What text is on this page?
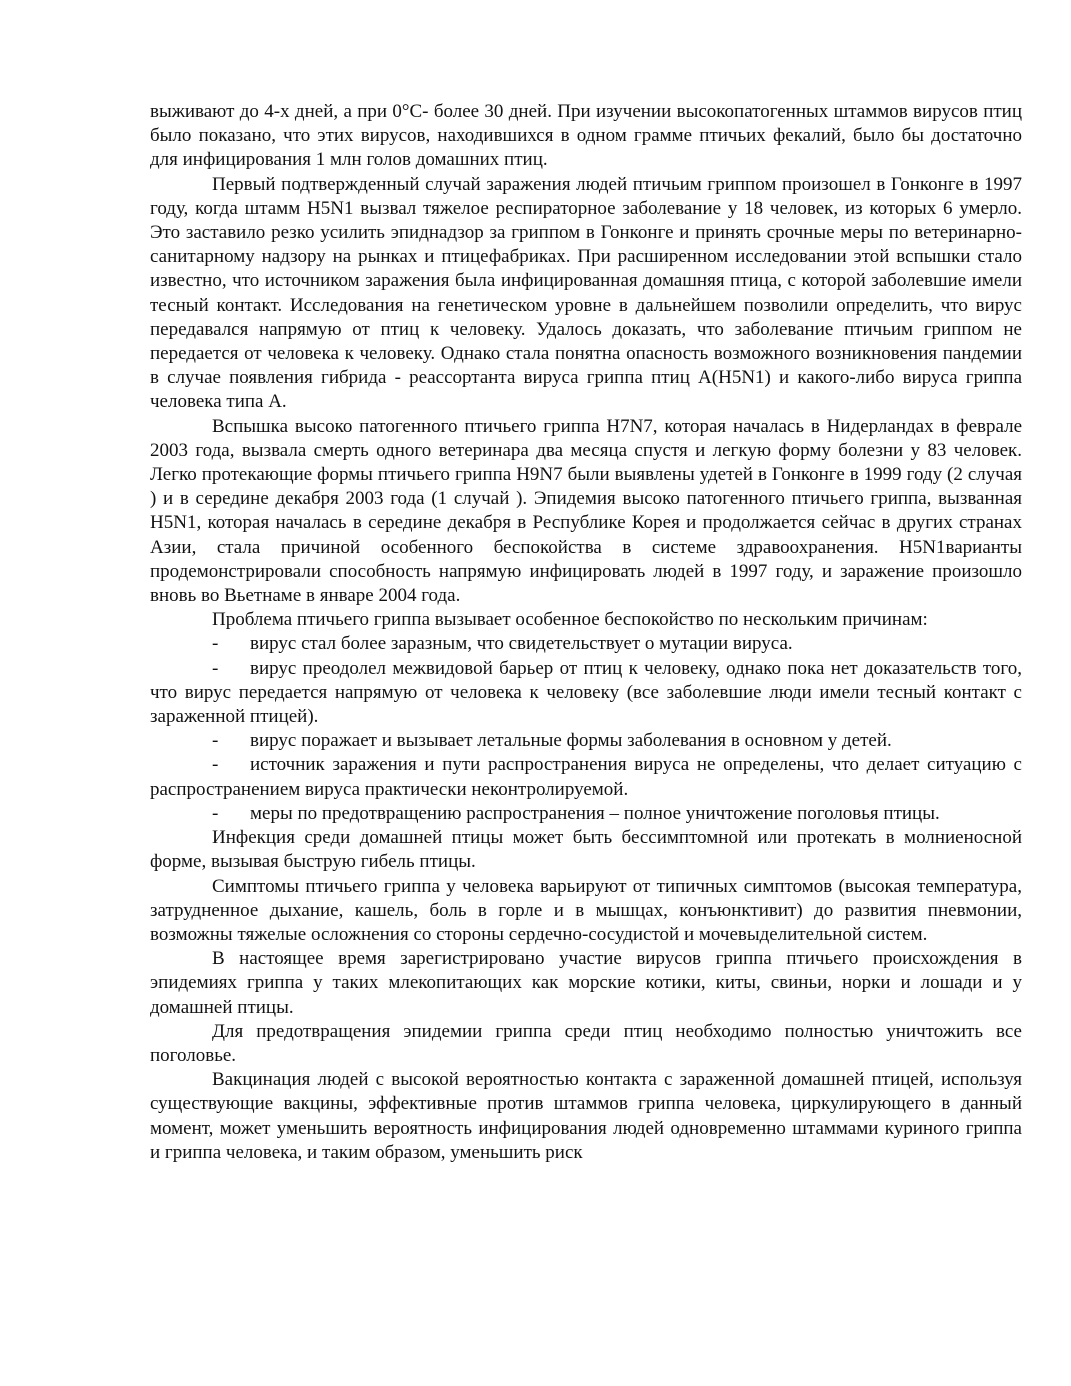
выживают до 4-х дней, а при 0°С- более 30 дней. При изучении высокопатогенных штаммов вирусов птиц было показано, что этих вирусов, находившихся в одном грамме птичьих фекалий, было бы достаточно для инфицирования 1 млн голов домашних птиц.

Первый подтвержденный случай заражения людей птичьим гриппом произошел в Гонконге в 1997 году, когда штамм H5N1 вызвал тяжелое респираторное заболевание у 18 человек, из которых 6 умерло. Это заставило резко усилить эпиднадзор за гриппом в Гонконге и принять срочные меры по ветеринарно-санитарному надзору на рынках и птицефабриках. При расширенном исследовании этой вспышки стало известно, что источником заражения была инфицированная домашняя птица, с которой заболевшие имели тесный контакт. Исследования на генетическом уровне в дальнейшем позволили определить, что вирус передавался напрямую от птиц к человеку. Удалось доказать, что заболевание птичьим гриппом не передается от человека к человеку. Однако стала понятна опасность возможного возникновения пандемии в случае появления гибрида - реассортанта вируса гриппа птиц A(H5N1) и какого-либо вируса гриппа человека типа А.

Вспышка высоко патогенного птичьего гриппа H7N7, которая началась в Нидерландах в феврале 2003 года, вызвала смерть одного ветеринара два месяца спустя и легкую форму болезни у 83 человек. Легко протекающие формы птичьего гриппа H9N7 были выявлены удетей в Гонконге в 1999 году (2 случая ) и в середине декабря 2003 года (1 случай ). Эпидемия высоко патогенного птичьего гриппа, вызванная H5N1, которая началась в середине декабря в Республике Корея и продолжается сейчас в других странах Азии, стала причиной особенного беспокойства в системе здравоохранения. H5N1варианты продемонстрировали способность напрямую инфицировать людей в 1997 году, и заражение произошло вновь во Вьетнаме в январе 2004 года.

Проблема птичьего гриппа вызывает особенное беспокойство по нескольким причинам:

- вирус стал более заразным, что свидетельствует о мутации вируса.

- вирус преодолел межвидовой барьер от птиц к человеку, однако пока нет доказательств того, что вирус передается напрямую от человека к человеку (все заболевшие люди имели тесный контакт с зараженной птицей).

- вирус поражает и вызывает летальные формы заболевания в основном у детей.

- источник заражения и пути распространения вируса не определены, что делает ситуацию с распространением вируса практически неконтролируемой.

- меры по предотвращению распространения – полное уничтожение поголовья птицы.

Инфекция среди домашней птицы может быть бессимптомной или протекать в молниеносной форме, вызывая быструю гибель птицы.

Симптомы птичьего гриппа у человека варьируют от типичных симптомов (высокая температура, затрудненное дыхание, кашель, боль в горле и в мышцах, конъюнктивит) до развития пневмонии, возможны тяжелые осложнения со стороны сердечно-сосудистой и мочевыделительной систем.

В настоящее время зарегистрировано участие вирусов гриппа птичьего происхождения в эпидемиях гриппа у таких млекопитающих как морские котики, киты, свиньи, норки и лошади и у домашней птицы.

Для предотвращения эпидемии гриппа среди птиц необходимо полностью уничтожить все поголовье.

Вакцинация людей с высокой вероятностью контакта с зараженной домашней птицей, используя существующие вакцины, эффективные против штаммов гриппа человека, циркулирующего в данный момент, может уменьшить вероятность инфицирования людей одновременно штаммами куриного гриппа и гриппа человека, и таким образом, уменьшить риск
